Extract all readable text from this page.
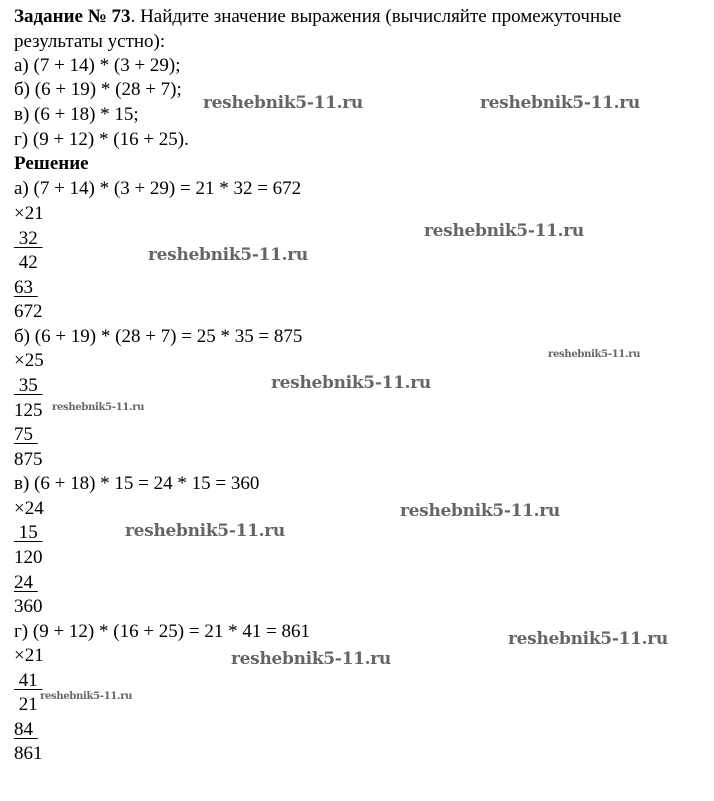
Задание № 73. Найдите значение выражения (вычисляйте промежуточные
результаты устно):
а) (7 + 14) * (3 + 29);
б) (6 + 19) * (28 + 7);
в) (6 + 18) * 15;
г) (9 + 12) * (16 + 25).
Решение
а) (7 + 14) * (3 + 29) = 21 * 32 = 672
×21
32
42
63
672
б) (6 + 19) * (28 + 7) = 25 * 35 = 875
×25
35
125
75
875
в) (6 + 18) * 15 = 24 * 15 = 360
×24
15
120
24
360
г) (9 + 12) * (16 + 25) = 21 * 41 = 861
×21
41
21
84
861
reshebnik5-11.ru	reshebnik5-11.ru
reshebnik5-11.ru
reshebnik5-11.ru
reshebnik5-11.ru
reshebnik5-11.ru
reshebnik5-11.ru
reshebnik5-11.ru
reshebnik5-11.ru
reshebnik5-11.ru
reshebnik5-11.ru
reshebnik5-11.ru
